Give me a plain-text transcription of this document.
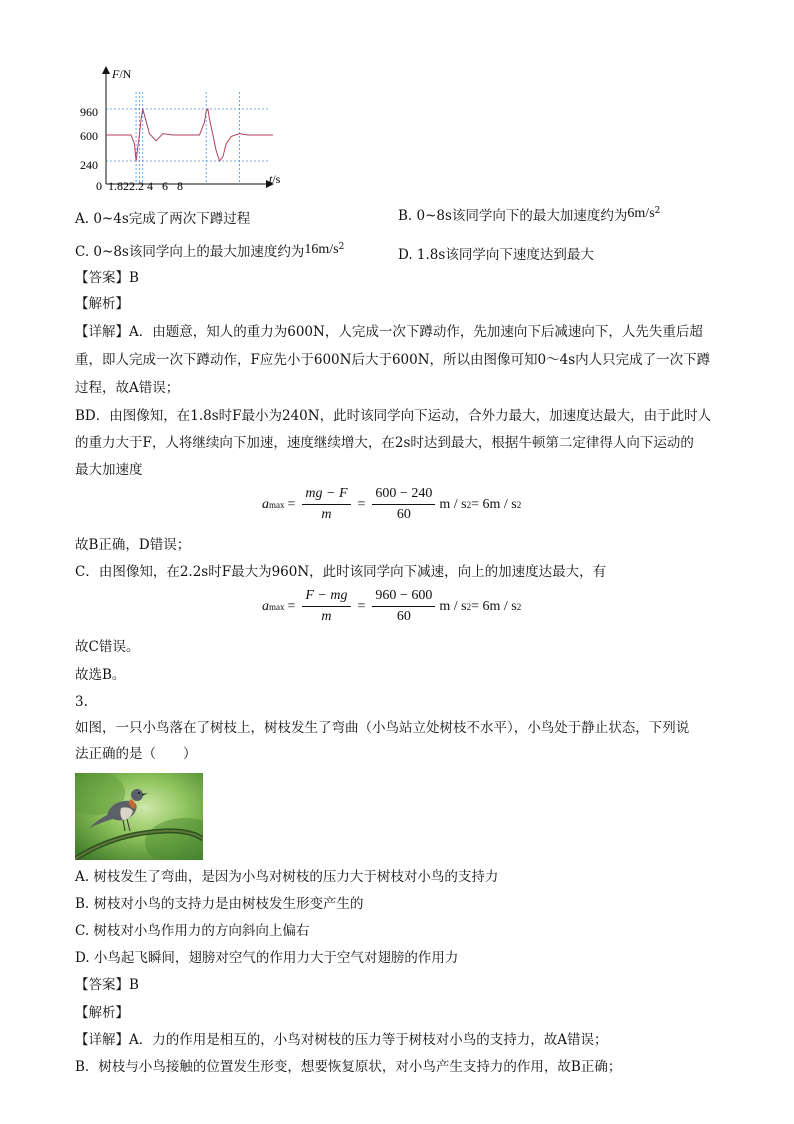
F/N
t/s
960
600
240
0  1.822.2 4   6   8
A. 0~4s完成了两次下蹲过程	B. 0~8s该同学向下的最大加速度约为$6m/s^2$
C. 0~8s该同学向上的最大加速度约为$16m/s^2$	D. 1.8s该同学向下速度达到最大
【答案】B
【解析】
【详解】A．由题意，知人的重力为600N，人完成一次下蹲动作，先加速向下后减速向下，人先失重后超
重，即人完成一次下蹲动作，F应先小于600N后大于600N，所以由图像可知0～4s内人只完成了一次下蹲
过程，故A错误；
BD．由图像知，在1.8s时F最小为240N，此时该同学向下运动，合外力最大，加速度达最大，由于此时人
的重力大于F，人将继续向下加速，速度继续增大，在2s时达到最大，根据牛顿第二定律得人向下运动的
最大加速度
a $\max = \frac{mg - F}{m} = \frac{600 - 240}{60}$ m / s 2 = 6m / s 2
故B正确，D错误；
C．由图像知，在2.2s时F最大为960N，此时该同学向下减速，向上的加速度达最大，有
a $\max = \frac{F - mg}{m} = \frac{960 - 600}{60}$ m / s 2 = 6m / s 2
故C错误。
故选B。
3.
如图，一只小鸟落在了树枝上，树枝发生了弯曲（小鸟站立处树枝不水平），小鸟处于静止状态，下列说
法正确的是（　　）
A. 树枝发生了弯曲，是因为小鸟对树枝的压力大于树枝对小鸟的支持力
B. 树枝对小鸟的支持力是由树枝发生形变产生的
C. 树枝对小鸟作用力的方向斜向上偏右
D. 小鸟起飞瞬间，翅膀对空气的作用力大于空气对翅膀的作用力
【答案】B
【解析】
【详解】A．力的作用是相互的，小鸟对树枝的压力等于树枝对小鸟的支持力，故A错误；
B．树枝与小鸟接触的位置发生形变，想要恢复原状，对小鸟产生支持力的作用，故B正确；
